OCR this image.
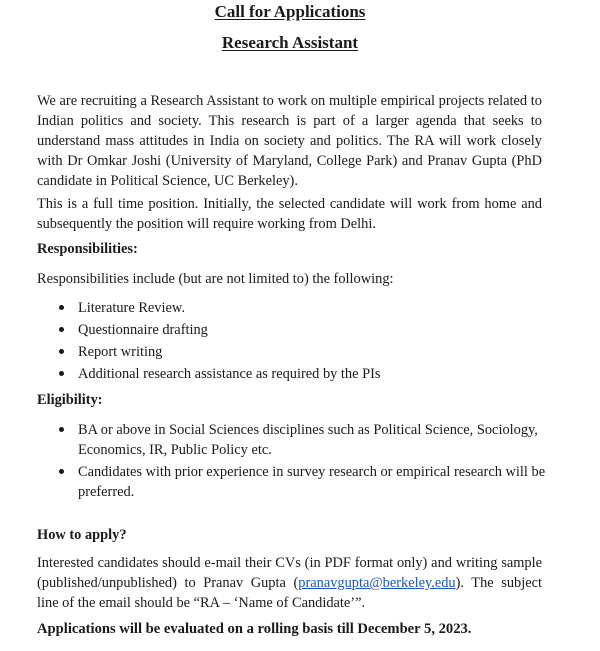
Call for Applications
Research Assistant

We are recruiting a Research Assistant to work on multiple empirical projects related to Indian politics and society. This research is part of a larger agenda that seeks to understand mass attitudes in India on society and politics. The RA will work closely with Dr Omkar Joshi (University of Maryland, College Park) and Pranav Gupta (PhD candidate in Political Science, UC Berkeley).

This is a full time position. Initially, the selected candidate will work from home and subsequently the position will require working from Delhi.

Responsibilities:

Responsibilities include (but are not limited to) the following:

Literature Review.
Questionnaire drafting
Report writing
Additional research assistance as required by the PIs
Eligibility:
BA or above in Social Sciences disciplines such as Political Science, Sociology, Economics, IR, Public Policy etc.
Candidates with prior experience in survey research or empirical research will be preferred.
How to apply?

Interested candidates should e-mail their CVs (in PDF format only) and writing sample (published/unpublished) to Pranav Gupta (pranavgupta@berkeley.edu). The subject line of the email should be “RA – ‘Name of Candidate’”.

Applications will be evaluated on a rolling basis till December 5, 2023.
